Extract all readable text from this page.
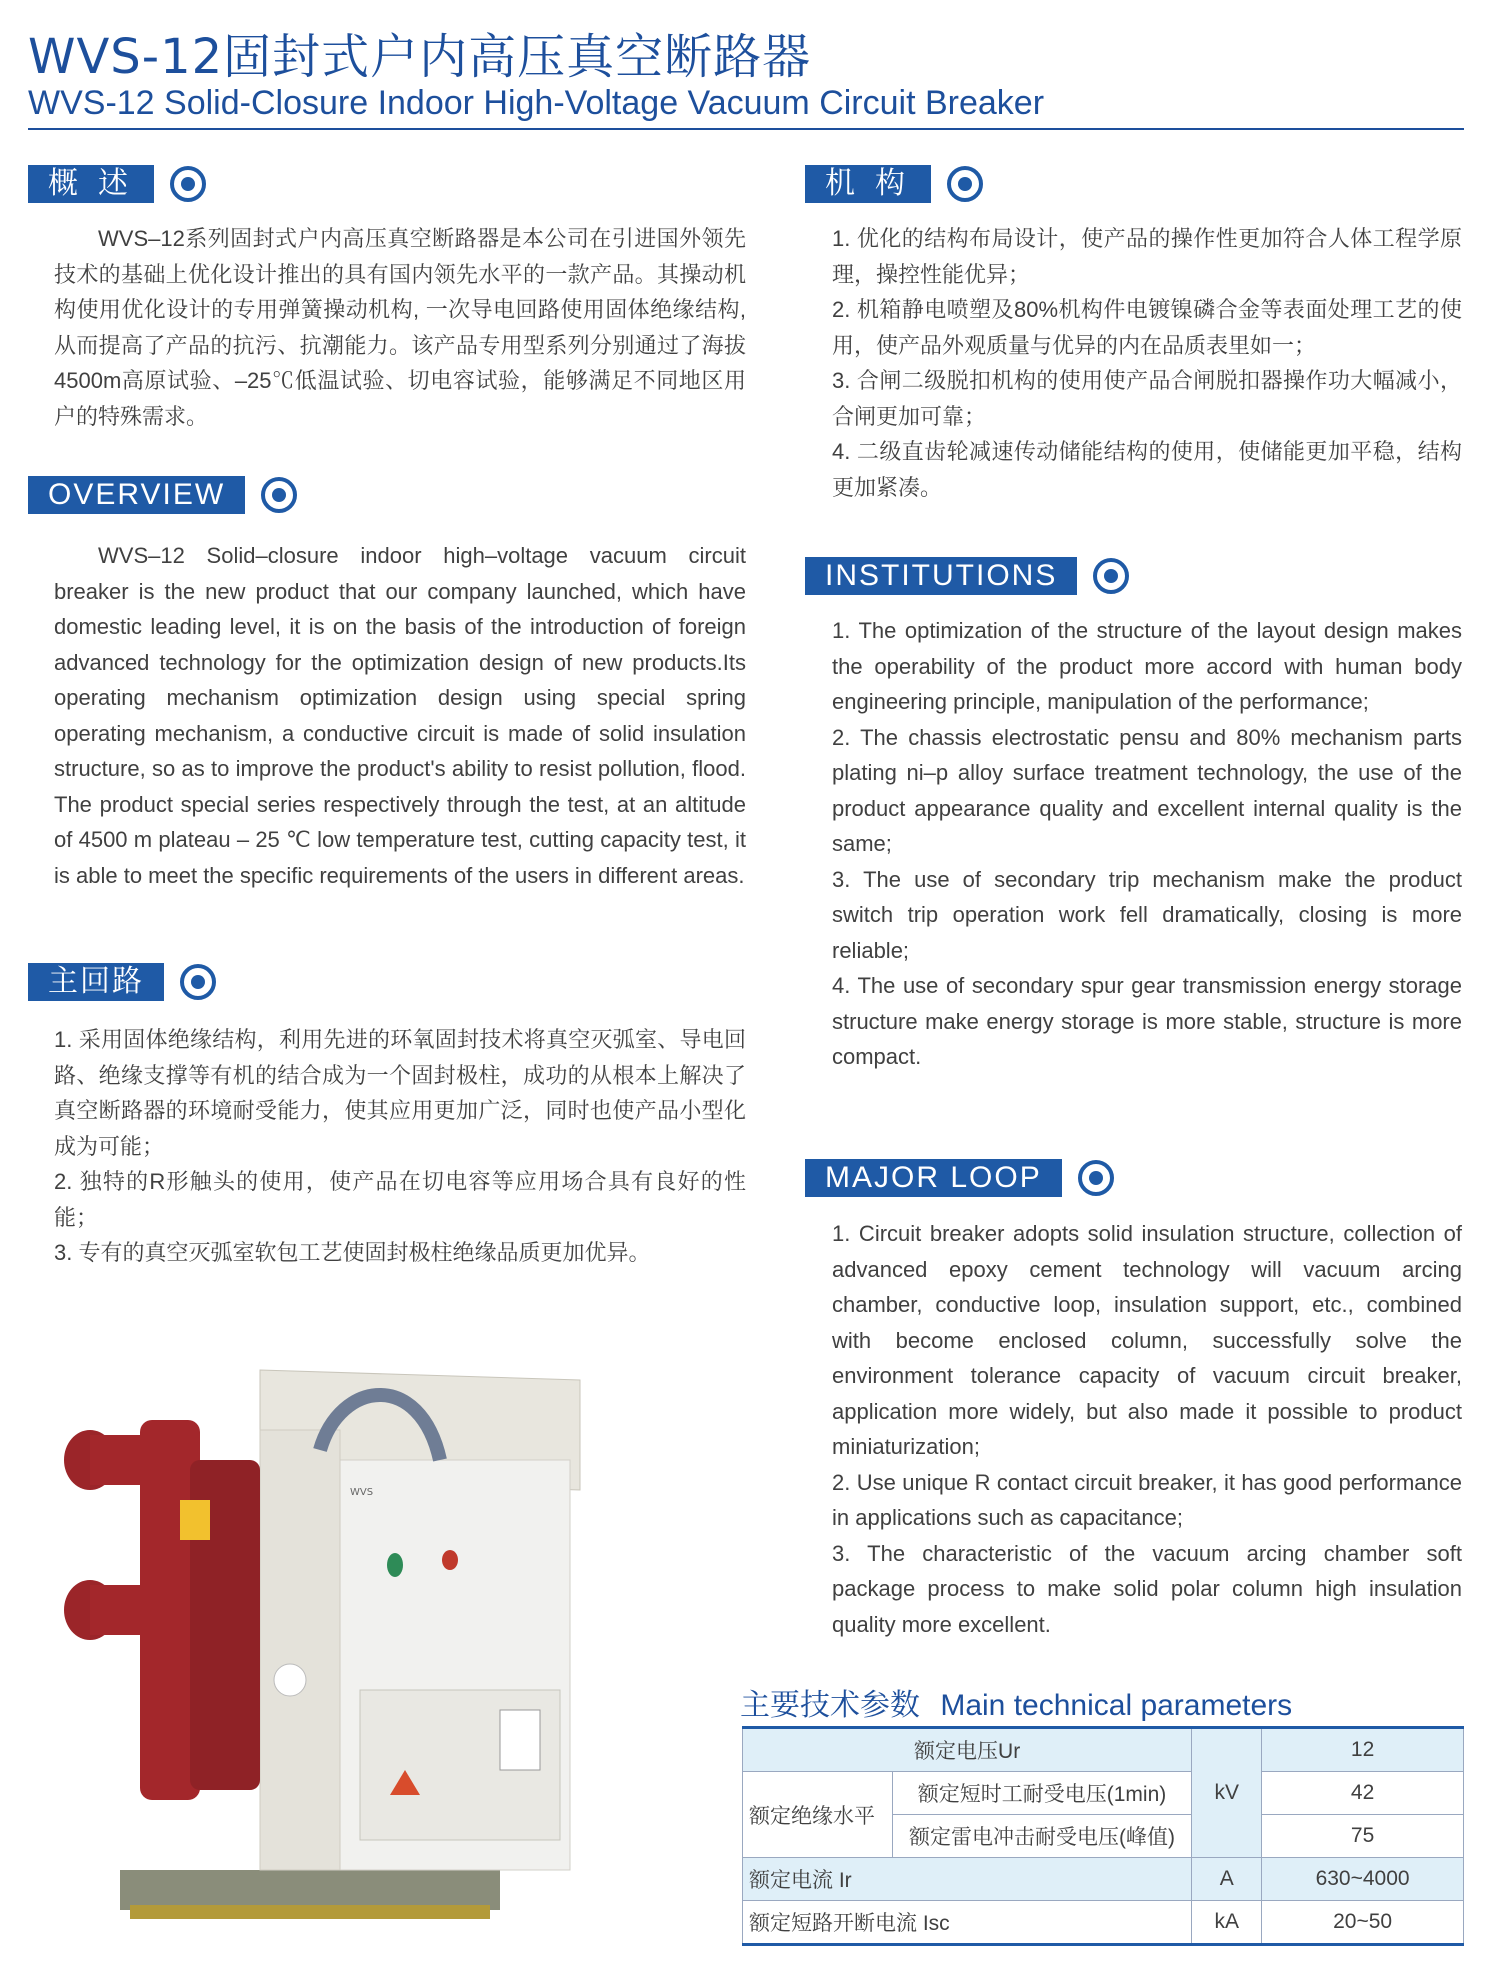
WVS-12固封式户内高压真空断路器
WVS-12 Solid-Closure Indoor High-Voltage Vacuum Circuit Breaker
概述

WVS–12系列固封式户内高压真空断路器是本公司在引进国外领先技术的基础上优化设计推出的具有国内领先水平的一款产品。其操动机构使用优化设计的专用弹簧操动机构, 一次导电回路使用固体绝缘结构, 从而提高了产品的抗污、抗潮能力。该产品专用型系列分别通过了海拔4500m高原试验、–25℃低温试验、切电容试验，能够满足不同地区用户的特殊需求。

OVERVIEW

WVS–12 Solid–closure indoor high–voltage vacuum circuit breaker is the new product that our company launched, which have domestic leading level, it is on the basis of the introduction of foreign advanced technology for the optimization design of new products.Its operating mechanism optimization design using special spring operating mechanism, a conductive circuit is made of solid insulation structure, so as to improve the product's ability to resist pollution, flood. The product special series respectively through the test, at an altitude of 4500 m plateau – 25 ℃ low temperature test, cutting capacity test, it is able to meet the specific requirements of the users in different areas.

主回路

1. 采用固体绝缘结构，利用先进的环氧固封技术将真空灭弧室、导电回路、绝缘支撑等有机的结合成为一个固封极柱，成功的从根本上解决了真空断路器的环境耐受能力，使其应用更加广泛，同时也使产品小型化成为可能；

2. 独特的R形触头的使用，使产品在切电容等应用场合具有良好的性能；

3. 专有的真空灭弧室软包工艺使固封极柱绝缘品质更加优异。

WVS
机构

1. 优化的结构布局设计，使产品的操作性更加符合人体工程学原理，操控性能优异；

2. 机箱静电喷塑及80%机构件电镀镍磷合金等表面处理工艺的使用，使产品外观质量与优异的内在品质表里如一；

3. 合闸二级脱扣机构的使用使产品合闸脱扣器操作功大幅减小，合闸更加可靠；

4. 二级直齿轮减速传动储能结构的使用，使储能更加平稳，结构更加紧凑。

INSTITUTIONS

1. The optimization of the structure of the layout design makes the operability of the product more accord with human body engineering principle, manipulation of the performance;

2. The chassis electrostatic pensu and 80% mechanism parts plating ni–p alloy surface treatment technology, the use of the product appearance quality and excellent internal quality is the same;

3. The use of secondary trip mechanism make the product switch trip operation work fell dramatically, closing is more reliable;

4. The use of secondary spur gear transmission energy storage structure make energy storage is more stable, structure is more compact.

MAJOR LOOP

1. Circuit breaker adopts solid insulation structure, collection of advanced epoxy cement technology will vacuum arcing chamber, conductive loop, insulation support, etc., combined with become enclosed column, successfully solve the environment tolerance capacity of vacuum circuit breaker, application more widely, but also made it possible to product miniaturization;

2. Use unique R contact circuit breaker, it has good performance in applications such as capacitance;

3. The characteristic of the vacuum arcing chamber soft package process to make solid polar column high insulation quality more excellent.

主要技术参数 Main technical parameters
额定电压Ur		kV	12
额定绝缘水平	额定短时工耐受电压(1min)		42
	额定雷电冲击耐受电压(峰值)		75
额定电流 Ir		A	630~4000
额定短路开断电流 Isc		kA	20~50
